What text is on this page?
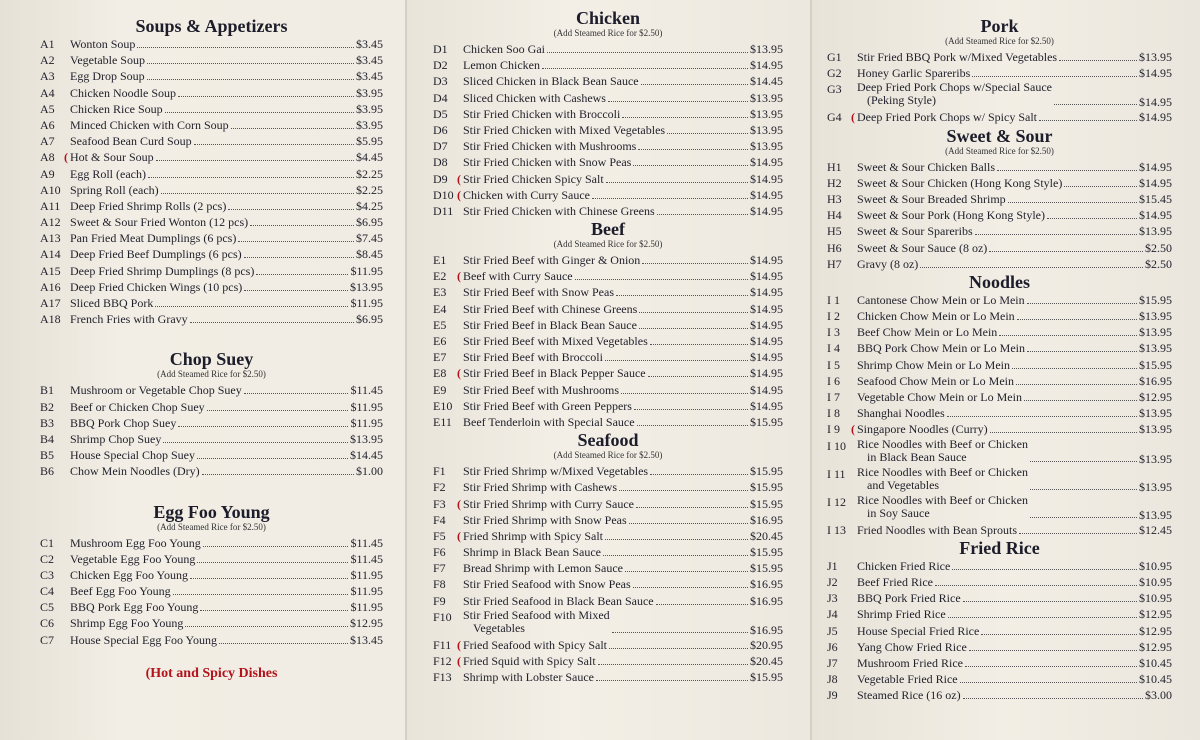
Soups & Appetizers
A1	Wonton Soup	$3.45
A2	Vegetable Soup	$3.45
A3	Egg Drop Soup	$3.45
A4	Chicken Noodle Soup	$3.95
A5	Chicken Rice Soup	$3.95
A6	Minced Chicken with Corn Soup	$3.95
A7	Seafood Bean Curd Soup	$5.95
A8 ( Hot & Sour Soup	$4.45
A9	Egg Roll (each)	$2.25
A10 Spring Roll (each)	$2.25
A11 Deep Fried Shrimp Rolls (2 pcs)	$4.25
A12 Sweet & Sour Fried Wonton (12 pcs)	$6.95
A13 Pan Fried Meat Dumplings (6 pcs)	$7.45
A14 Deep Fried Beef Dumplings (6 pcs)	$8.45
A15 Deep Fried Shrimp Dumplings (8 pcs)	$11.95
A16 Deep Fried Chicken Wings (10 pcs)	$13.95
A17 Sliced BBQ Pork	$11.95
A18 French Fries with Gravy	$6.95
Chop Suey
(Add Steamed Rice for $2.50)
B1	Mushroom or Vegetable Chop Suey	$11.45
B2	Beef or Chicken Chop Suey	$11.95
B3	BBQ Pork Chop Suey	$11.95
B4	Shrimp Chop Suey	$13.95
B5	House Special Chop Suey	$14.45
B6	Chow Mein Noodles (Dry)	$1.00
Egg Foo Young
(Add Steamed Rice for $2.50)
C1	Mushroom Egg Foo Young	$11.45
C2	Vegetable Egg Foo Young	$11.45
C3	Chicken Egg Foo Young	$11.95
C4	Beef Egg Foo Young	$11.95
C5	BBQ Pork Egg Foo Young	$11.95
C6	Shrimp Egg Foo Young	$12.95
C7	House Special Egg Foo Young	$13.45
(Hot and Spicy Dishes
Chicken
(Add Steamed Rice for $2.50)
D1	Chicken Soo Gai	$13.95
D2	Lemon Chicken	$14.95
D3	Sliced Chicken in Black Bean Sauce	$14.45
D4	Sliced Chicken with Cashews	$13.95
D5	Stir Fried Chicken with Broccoli	$13.95
D6	Stir Fried Chicken with Mixed Vegetables	$13.95
D7	Stir Fried Chicken with Mushrooms	$13.95
D8	Stir Fried Chicken with Snow Peas	$14.95
D9 ( Stir Fried Chicken Spicy Salt	$14.95
D10 ( Chicken with Curry Sauce	$14.95
D11 Stir Fried Chicken with Chinese Greens	$14.95
Beef
(Add Steamed Rice for $2.50)
E1	Stir Fried Beef with Ginger & Onion	$14.95
E2 ( Beef with Curry Sauce	$14.95
E3	Stir Fried Beef with Snow Peas	$14.95
E4	Stir Fried Beef with Chinese Greens	$14.95
E5	Stir Fried Beef in Black Bean Sauce	$14.95
E6	Stir Fried Beef with Mixed Vegetables	$14.95
E7	Stir Fried Beef with Broccoli	$14.95
E8 ( Stir Fried Beef in Black Pepper Sauce	$14.95
E9	Stir Fried Beef with Mushrooms	$14.95
E10 Stir Fried Beef with Green Peppers	$14.95
E11 Beef Tenderloin with Special Sauce	$15.95
Seafood
(Add Steamed Rice for $2.50)
F1	Stir Fried Shrimp w/Mixed Vegetables	$15.95
F2	Stir Fried Shrimp with Cashews	$15.95
F3 ( Stir Fried Shrimp with Curry Sauce	$15.95
F4	Stir Fried Shrimp with Snow Peas	$16.95
F5 ( Fried Shrimp with Spicy Salt	$20.45
F6	Shrimp in Black Bean Sauce	$15.95
F7	Bread Shrimp with Lemon Sauce	$15.95
F8	Stir Fried Seafood with Snow Peas	$16.95
F9	Stir Fried Seafood in Black Bean Sauce	$16.95
F10 Stir Fried Seafood with Mixed
Vegetables	$16.95
F11 ( Fried Seafood with Spicy Salt	$20.95
F12 ( Fried Squid with Spicy Salt	$20.45
F13 Shrimp with Lobster Sauce	$15.95
Pork
(Add Steamed Rice for $2.50)
G1	Stir Fried BBQ Pork w/Mixed Vegetables	$13.95
G2	Honey Garlic Spareribs	$14.95
G3	Deep Fried Pork Chops w/Special Sauce
(Peking Style)	$14.95
G4 ( Deep Fried Pork Chops w/ Spicy Salt	$14.95
Sweet & Sour
(Add Steamed Rice for $2.50)
H1	Sweet & Sour Chicken Balls	$14.95
H2	Sweet & Sour Chicken (Hong Kong Style)	$14.95
H3	Sweet & Sour Breaded Shrimp	$15.45
H4	Sweet & Sour Pork (Hong Kong Style)	$14.95
H5	Sweet & Sour Spareribs	$13.95
H6	Sweet & Sour Sauce (8 oz)	$2.50
H7	Gravy (8 oz)	$2.50
Noodles
I 1	Cantonese Chow Mein or Lo Mein	$15.95
I 2	Chicken Chow Mein or Lo Mein	$13.95
I 3	Beef Chow Mein or Lo Mein	$13.95
I 4	BBQ Pork Chow Mein or Lo Mein	$13.95
I 5	Shrimp Chow Mein or Lo Mein	$15.95
I 6	Seafood Chow Mein or Lo Mein	$16.95
I 7	Vegetable Chow Mein or Lo Mein	$12.95
I 8	Shanghai Noodles	$13.95
I 9 ( Singapore Noodles (Curry)	$13.95
I 10 Rice Noodles with Beef or Chicken
in Black Bean Sauce	$13.95
I 11 Rice Noodles with Beef or Chicken
and Vegetables	$13.95
I 12 Rice Noodles with Beef or Chicken
in Soy Sauce	$13.95
I 13 Fried Noodles with Bean Sprouts	$12.45
Fried Rice
J1	Chicken Fried Rice	$10.95
J2	Beef Fried Rice	$10.95
J3	BBQ Pork Fried Rice	$10.95
J4	Shrimp Fried Rice	$12.95
J5	House Special Fried Rice	$12.95
J6	Yang Chow Fried Rice	$12.95
J7	Mushroom Fried Rice	$10.45
J8	Vegetable Fried Rice	$10.45
J9	Steamed Rice (16 oz)	$3.00
